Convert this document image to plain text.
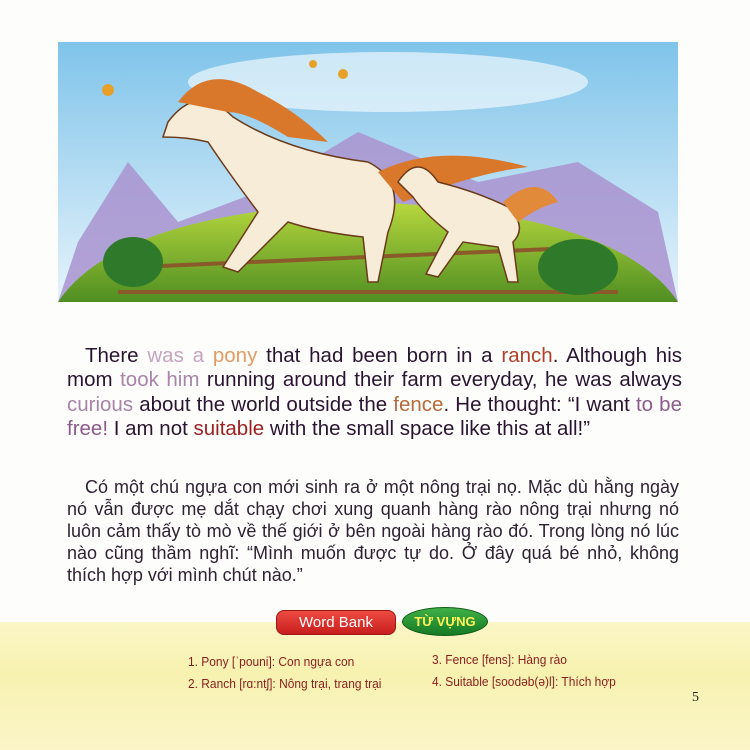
There was a pony that had been born in a ranch. Although his mom took him running around their farm everyday, he was always curious about the world outside the fence. He thought: “I want to be free! I am not suitable with the small space like this at all!”
Có một chú ngựa con mới sinh ra ở một nông trại nọ. Mặc dù hằng ngày nó vẫn được mẹ dắt chạy chơi xung quanh hàng rào nông trại nhưng nó luôn cảm thấy tò mò về thế giới ở bên ngoài hàng rào đó. Trong lòng nó lúc nào cũng thầm nghĩ: “Mình muốn được tự do. Ở đây quá bé nhỏ, không thích hợp với mình chút nào.”
Word Bank	TỪ VỰNG
1. Pony [ˈpouni]: Con ngựa con
2. Ranch [rɑ:ntʃ]: Nông trại, trang trại
3. Fence [fens]: Hàng rào
4. Suitable [soodəb(ə)l]: Thích hợp
5
